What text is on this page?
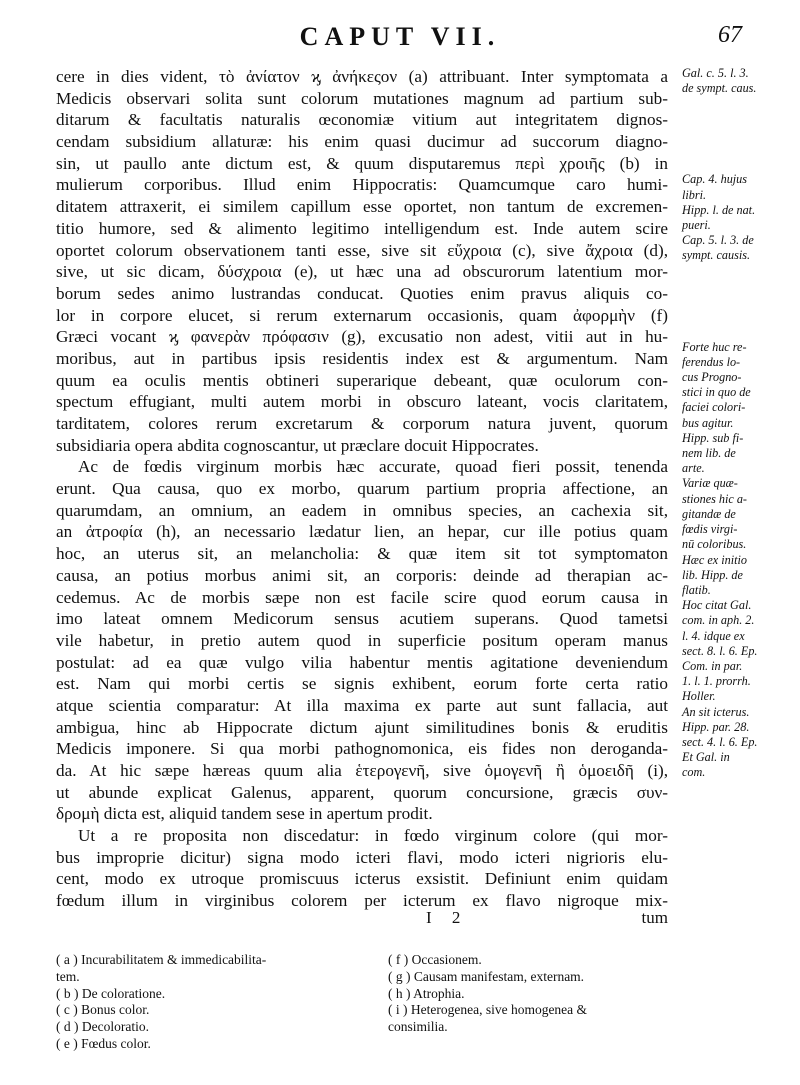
CAPUT VII.	67
cere in dies vident, τὸ ἀνίατον ϗ ἀνήκεςον (a) attribuant. Inter symptomata a
Medicis observari solita sunt colorum mutationes magnum ad partium sub-
ditarum & facultatis naturalis œconomiæ vitium aut integritatem dignos-
cendam subsidium allaturæ: his enim quasi ducimur ad succorum diagno-
sin, ut paullo ante dictum est, & quum disputaremus περὶ χροιῆς (b) in
mulierum corporibus. Illud enim Hippocratis: Quamcumque caro humi-
ditatem attraxerit, ei similem capillum esse oportet, non tantum de excremen-
titio humore, sed & alimento legitimo intelligendum est. Inde autem scire
oportet colorum observationem tanti esse, sive sit εὔχροια (c), sive ἄχροια (d),
sive, ut sic dicam, δύσχροια (e), ut hæc una ad obscurorum latentium mor-
borum sedes animo lustrandas conducat. Quoties enim pravus aliquis co-
lor in corpore elucet, si rerum externarum occasionis, quam ἀφορμὴν (f)
Græci vocant ϗ φανερὰν πρόφασιν (g), excusatio non adest, vitii aut in hu-
moribus, aut in partibus ipsis residentis index est & argumentum. Nam
quum ea oculis mentis obtineri superarique debeant, quæ oculorum con-
spectum effugiant, multi autem morbi in obscuro lateant, vocis claritatem,
tarditatem, colores rerum excretarum & corporum natura juvent, quorum
subsidiaria opera abdita cognoscantur, ut præclare docuit Hippocrates.
Ac de fœdis virginum morbis hæc accurate, quoad fieri possit, tenenda
erunt. Qua causa, quo ex morbo, quarum partium propria affectione, an
quarumdam, an omnium, an eadem in omnibus species, an cachexia sit,
an ἀτροφία (h), an necessario lædatur lien, an hepar, cur ille potius quam
hoc, an uterus sit, an melancholia: & quæ item sit tot symptomaton
causa, an potius morbus animi sit, an corporis: deinde ad therapian ac-
cedemus. Ac de morbis sæpe non est facile scire quod eorum causa in
imo lateat omnem Medicorum sensus acutiem superans. Quod tametsi
vile habetur, in pretio autem quod in superficie positum operam manus
postulat: ad ea quæ vulgo vilia habentur mentis agitatione deveniendum
est. Nam qui morbi certis se signis exhibent, eorum forte certa ratio
atque scientia comparatur: At illa maxima ex parte aut sunt fallacia, aut
ambigua, hinc ab Hippocrate dictum ajunt similitudines bonis & eruditis
Medicis imponere. Si qua morbi pathognomonica, eis fides non deroganda-
da. At hic sæpe hæreas quum alia ἑτερογενῆ, sive ὁμογενῆ ἢ ὁμοειδῆ (i),
ut abunde explicat Galenus, apparent, quorum concursione, græcis συν-
δρομὴ dicta est, aliquid tandem sese in apertum prodit.
Ut a re proposita non discedatur: in fœdo virginum colore (qui mor-
bus improprie dicitur) signa modo icteri flavi, modo icteri nigrioris elu-
cent, modo ex utroque promiscuus icterus exsistit. Definiunt enim quidam
fœdum illum in virginibus colorem per icterum ex flavo nigroque mix-
Gal. c. 5. l. 3.
de sympt. caus.

Cap. 4. hujus
libri.
Hipp. l. de nat.
pueri.
Cap. 5. l. 3. de
sympt. causis.

Forte huc re-
ferendus lo-
cus Progno-
stici in quo de
faciei colori-
bus agitur.
Hipp. sub fi-
nem lib. de
arte.
Variæ quæ-
stiones hic a-
gitandæ de
fœdis virgi-
nū coloribus.
Hæc ex initio
lib. Hipp. de
flatib.
Hoc citat Gal.
com. in aph. 2.
l. 4. idque ex
sect. 8. l. 6. Ep.
Com. in par.
1. l. 1. prorrh.
Holler.
An sit icterus.
Hipp. par. 28.
sect. 4. l. 6. Ep.
Et Gal. in
com.
I 2	tum
( a ) Incurabilitatem & immedicabilita-
tem.
( b ) De coloratione.
( c ) Bonus color.
( d ) Decoloratio.
( e ) Fœdus color.
( f ) Occasionem.
( g ) Causam manifestam, externam.
( h ) Atrophia.
( i ) Heterogenea, sive homogenea &
consimilia.
